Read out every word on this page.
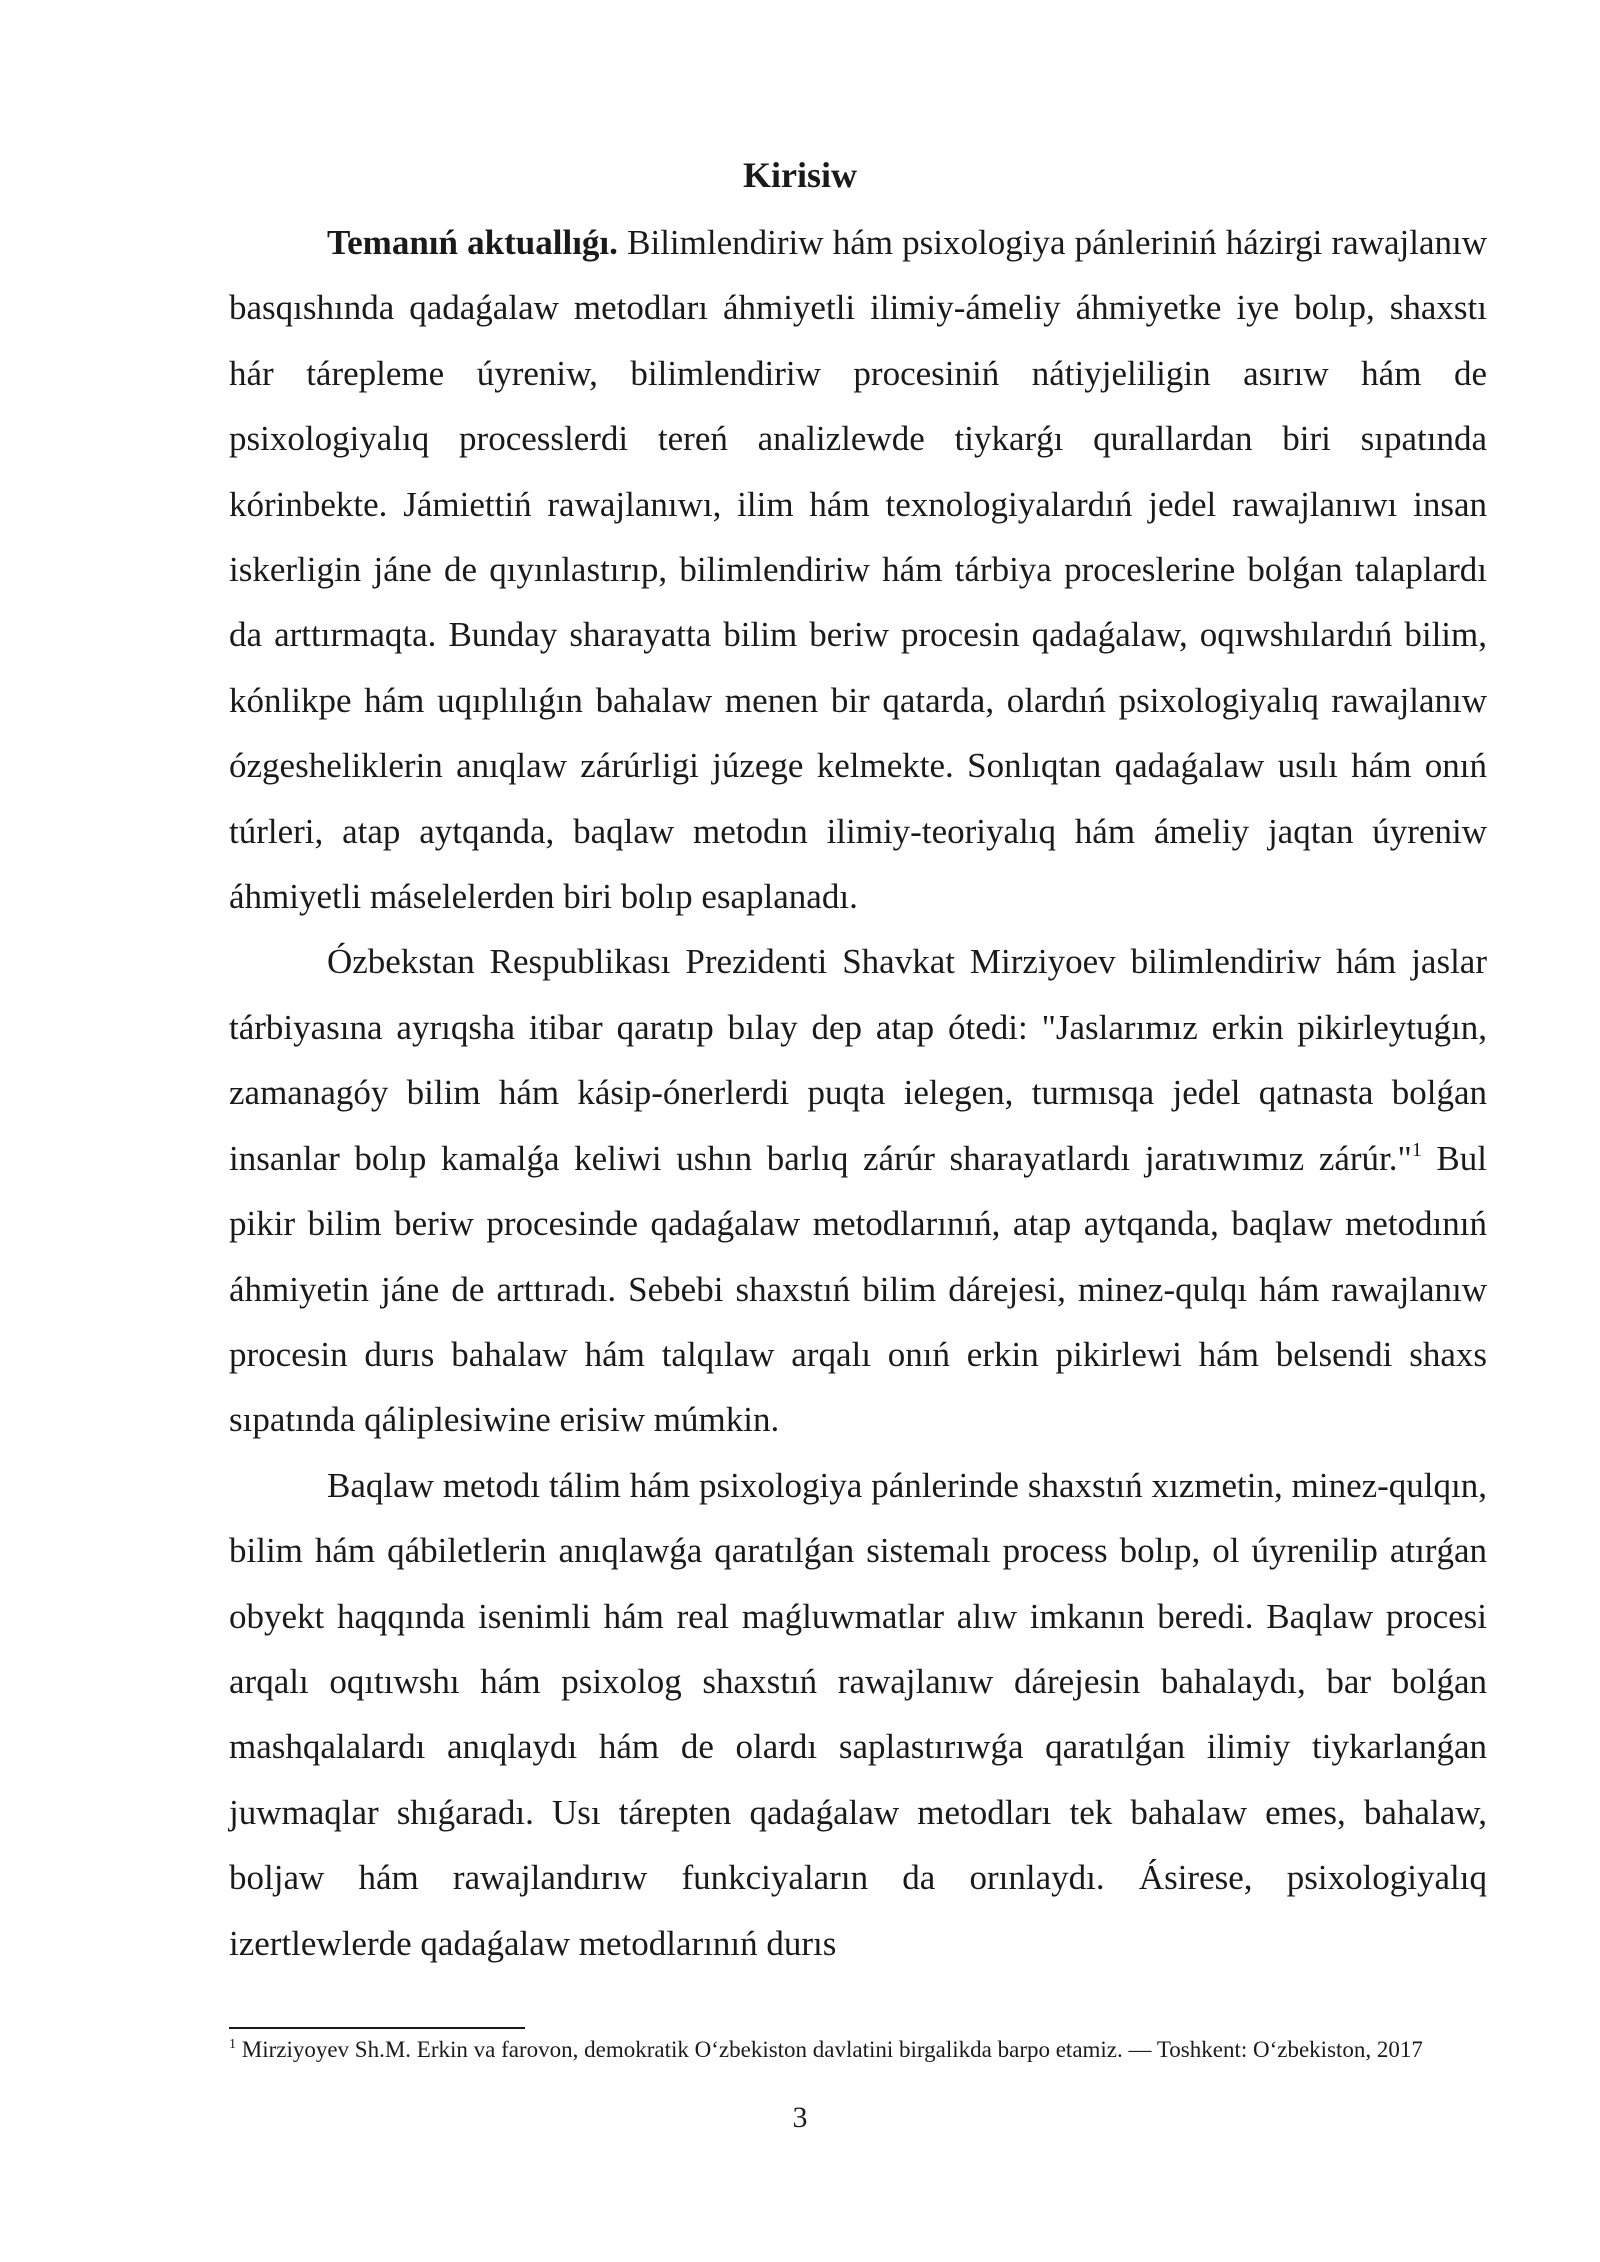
Kirisiw

Temanıń aktuallıǵı. Bilimlendiriw hám psixologiya pánleriniń házirgi rawajlanıw basqıshında qadaǵalaw metodları áhmiyetli ilimiy-ámeliy áhmiyetke iye bolıp, shaxstı hár tárepleme úyreniw, bilimlendiriw procesiniń nátiyjeliligin asırıw hám de psixologiyalıq processlerdi tereń analizlewde tiykarǵı qurallardan biri sıpatında kórinbekte. Jámiettiń rawajlanıwı, ilim hám texnologiyalardıń jedel rawajlanıwı insan iskerligin jáne de qıyınlastırıp, bilimlendiriw hám tárbiya proceslerine bolǵan talaplardı da arttırmaqta. Bunday sharayatta bilim beriw procesin qadaǵalaw, oqıwshılardıń bilim, kónlikpe hám uqıplılıǵın bahalaw menen bir qatarda, olardıń psixologiyalıq rawajlanıw ózgesheliklerin anıqlaw zárúrligi júzege kelmekte. Sonlıqtan qadaǵalaw usılı hám onıń túrleri, atap aytqanda, baqlaw metodın ilimiy-teoriyalıq hám ámeliy jaqtan úyreniw áhmiyetli máselelerden biri bolıp esaplanadı.

Ózbekstan Respublikası Prezidenti Shavkat Mirziyoev bilimlendiriw hám jaslar tárbiyasına ayrıqsha itibar qaratıp bılay dep atap ótedi: "Jaslarımız erkin pikirleytuǵın, zamanagóy bilim hám kásip-ónerlerdi puqta ielegen, turmısqa jedel qatnasta bolǵan insanlar bolıp kamalǵa keliwi ushın barlıq zárúr sharayatlardı jaratıwımız zárúr."$^1$ Bul pikir bilim beriw procesinde qadaǵalaw metodlarınıń, atap aytqanda, baqlaw metodınıń áhmiyetin jáne de arttıradı. Sebebi shaxstıń bilim dárejesi, minez-qulqı hám rawajlanıw procesin durıs bahalaw hám talqılaw arqalı onıń erkin pikirlewi hám belsendi shaxs sıpatında qáliplesiwine erisiw múmkin.

Baqlaw metodı tálim hám psixologiya pánlerinde shaxstıń xızmetin, minez-qulqın, bilim hám qábiletlerin anıqlawǵa qaratılǵan sistemalı process bolıp, ol úyrenilip atırǵan obyekt haqqında isenimli hám real maǵluwmatlar alıw imkanın beredi. Baqlaw procesi arqalı oqıtıwshı hám psixolog shaxstıń rawajlanıw dárejesin bahalaydı, bar bolǵan mashqalalardı anıqlaydı hám de olardı saplastırıwǵa qaratılǵan ilimiy tiykarlanǵan juwmaqlar shıǵaradı. Usı tárepten qadaǵalaw metodları tek bahalaw emes, bahalaw, boljaw hám rawajlandırıw funkciyaların da orınlaydı. Ásirese, psixologiyalıq izertlewlerde qadaǵalaw metodlarınıń durıs

$^1$ Mirziyoyev Sh.M. Erkin va farovon, demokratik O‘zbekiston davlatini birgalikda barpo etamiz. — Toshkent: O‘zbekiston, 2017
3
